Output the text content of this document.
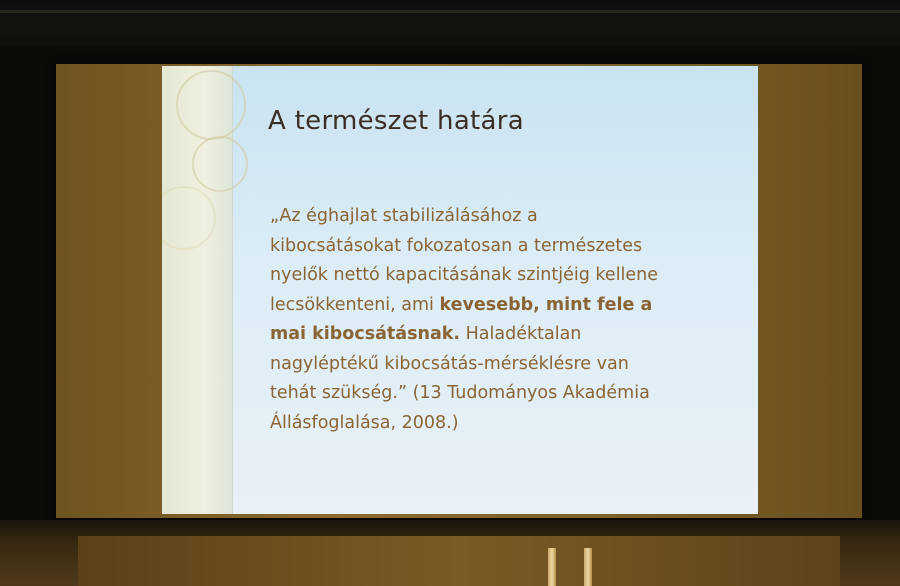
A természet határa

„Az éghajlat stabilizálásához a
kibocsátásokat fokozatosan a természetes
nyelők nettó kapacitásának szintjéig kellene
lecsökkenteni, ami kevesebb, mint fele a
mai kibocsátásnak. Haladéktalan
nagyléptékű kibocsátás-mérséklésre van
tehát szükség.” (13 Tudományos Akadémia
Állásfoglalása, 2008.)
